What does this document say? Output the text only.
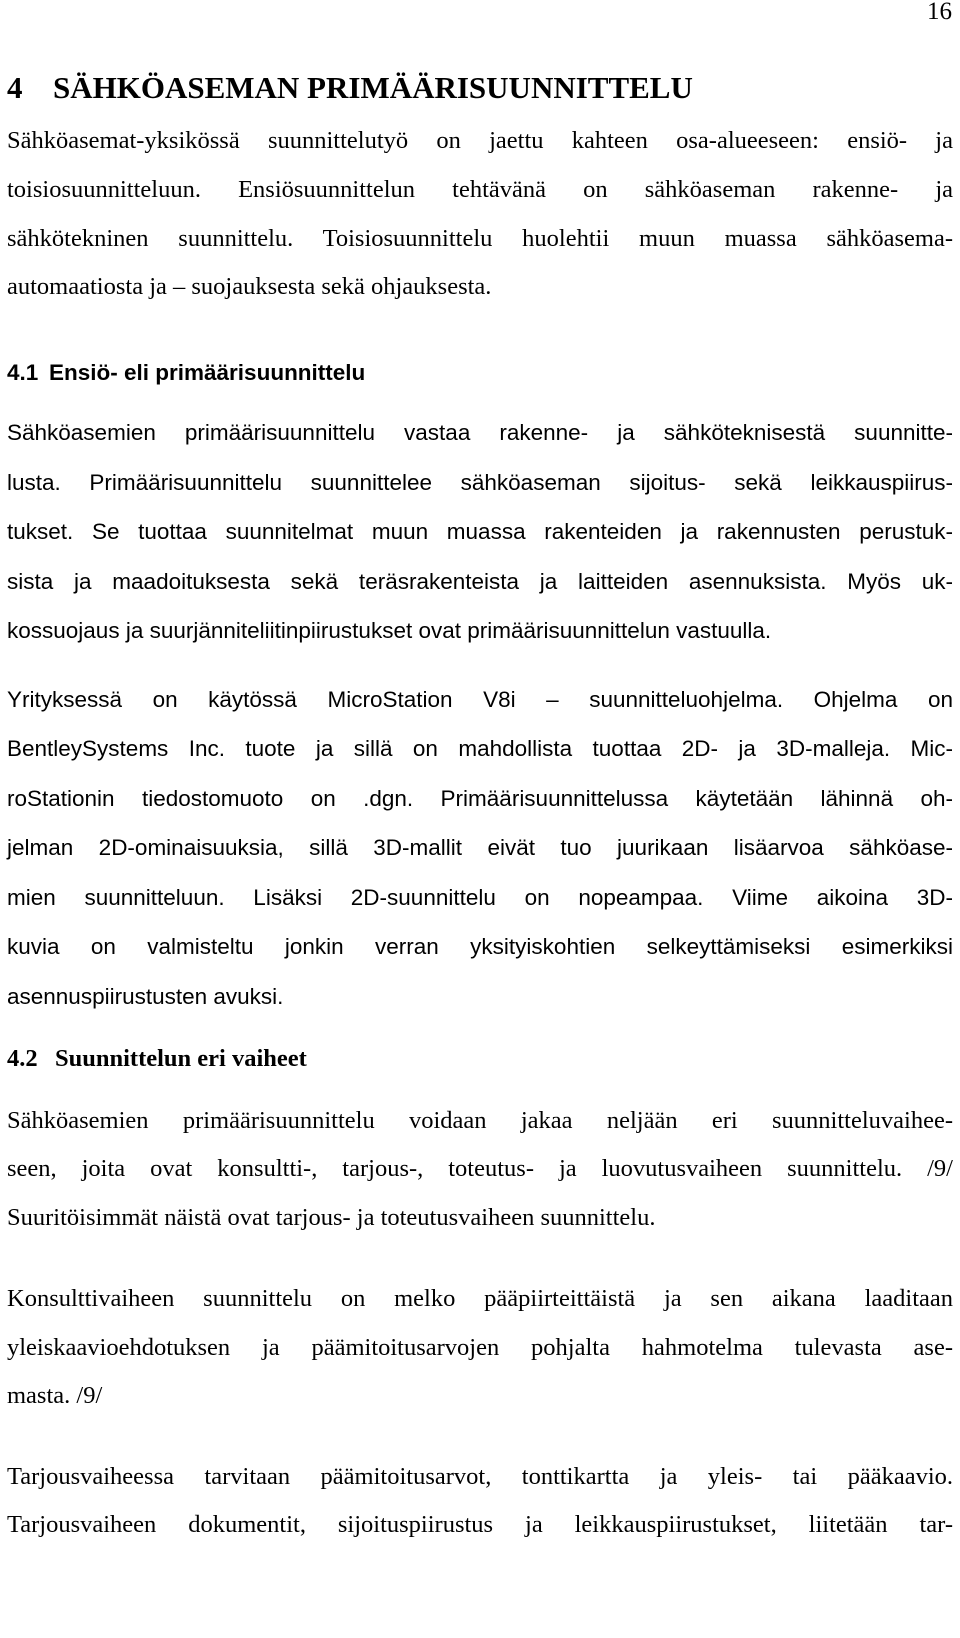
16
4 SÄHKÖASEMAN PRIMÄÄRISUUNNITTELU
Sähköasemat-yksikössä suunnittelutyö on jaettu kahteen osa-alueeseen: ensiö- ja
toisiosuunnitteluun. Ensiösuunnittelun tehtävänä on sähköaseman rakenne- ja
sähkötekninen suunnittelu. Toisiosuunnittelu huolehtii muun muassa sähköasema-
automaatiosta ja – suojauksesta sekä ohjauksesta.
4.1 Ensiö- eli primäärisuunnittelu
Sähköasemien primäärisuunnittelu vastaa rakenne- ja sähköteknisestä suunnitte-
lusta. Primäärisuunnittelu suunnittelee sähköaseman sijoitus- sekä leikkauspiirus-
tukset. Se tuottaa suunnitelmat muun muassa rakenteiden ja rakennusten perustuk-
sista ja maadoituksesta sekä teräsrakenteista ja laitteiden asennuksista. Myös uk-
kossuojaus ja suurjänniteliitinpiirustukset ovat primäärisuunnittelun vastuulla.
Yrityksessä on käytössä MicroStation V8i – suunnitteluohjelma. Ohjelma on
BentleySystems Inc. tuote ja sillä on mahdollista tuottaa 2D- ja 3D-malleja. Mic-
roStationin tiedostomuoto on .dgn. Primäärisuunnittelussa käytetään lähinnä oh-
jelman 2D-ominaisuuksia, sillä 3D-mallit eivät tuo juurikaan lisäarvoa sähköase-
mien suunnitteluun. Lisäksi 2D-suunnittelu on nopeampaa. Viime aikoina 3D-
kuvia on valmisteltu jonkin verran yksityiskohtien selkeyttämiseksi esimerkiksi
asennuspiirustusten avuksi.
4.2 Suunnittelun eri vaiheet
Sähköasemien primäärisuunnittelu voidaan jakaa neljään eri suunnitteluvaihee-
seen, joita ovat konsultti-, tarjous-, toteutus- ja luovutusvaiheen suunnittelu. /9/
Suuritöisimmät näistä ovat tarjous- ja toteutusvaiheen suunnittelu.
Konsulttivaiheen suunnittelu on melko pääpiirteittäistä ja sen aikana laaditaan
yleiskaavioehdotuksen ja päämitoitusarvojen pohjalta hahmotelma tulevasta ase-
masta. /9/
Tarjousvaiheessa tarvitaan päämitoitusarvot, tonttikartta ja yleis- tai pääkaavio.
Tarjousvaiheen dokumentit, sijoituspiirustus ja leikkauspiirustukset, liitetään tar-
